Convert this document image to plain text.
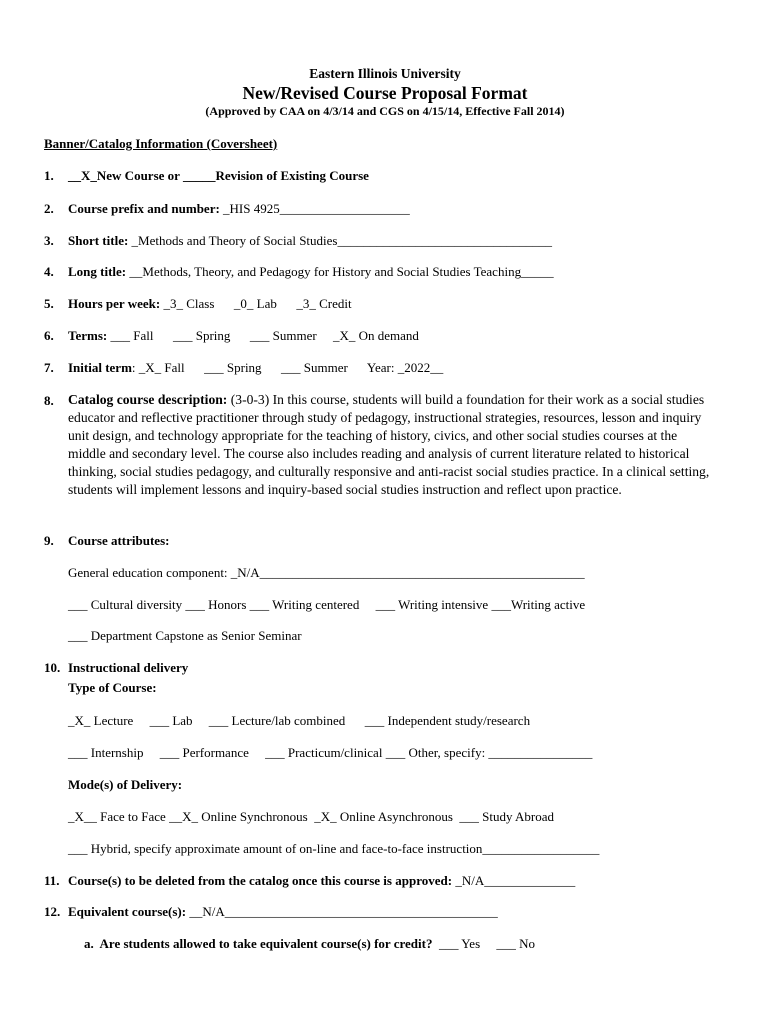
Eastern Illinois University
New/Revised Course Proposal Format
(Approved by CAA on 4/3/14 and CGS on 4/15/14, Effective Fall 2014)
Banner/Catalog Information (Coversheet)
1. __X_New Course or _____Revision of Existing Course
2. Course prefix and number: _HIS 4925____________________
3. Short title: _Methods and Theory of Social Studies_________________________________
4. Long title: __Methods, Theory, and Pedagogy for History and Social Studies Teaching_____
5. Hours per week: _3_ Class      _0_ Lab      _3_ Credit
6. Terms: ___ Fall      ___ Spring      ___ Summer     _X_ On demand
7. Initial term: _X_ Fall      ___ Spring      ___ Summer      Year: _2022__
8. Catalog course description: (3-0-3) In this course, students will build a foundation for their work as a social studies educator and reflective practitioner through study of pedagogy, instructional strategies, resources, lesson and inquiry unit design, and technology appropriate for the teaching of history, civics, and other social studies courses at the middle and secondary level. The course also includes reading and analysis of current literature related to historical thinking, social studies pedagogy, and culturally responsive and anti-racist social studies practice. In a clinical setting, students will implement lessons and inquiry-based social studies instruction and reflect upon practice.
9. Course attributes:
General education component: _N/A__________________________________________________
___ Cultural diversity ___ Honors ___ Writing centered     ___ Writing intensive ___Writing active
___ Department Capstone as Senior Seminar
10. Instructional delivery
Type of Course:
_X_ Lecture     ___ Lab     ___ Lecture/lab combined      ___ Independent study/research
___ Internship     ___ Performance     ___ Practicum/clinical ___ Other, specify: ________________
Mode(s) of Delivery:
_X__ Face to Face __X_ Online Synchronous  _X_ Online Asynchronous  ___ Study Abroad
___ Hybrid, specify approximate amount of on-line and face-to-face instruction__________________
11. Course(s) to be deleted from the catalog once this course is approved: _N/A______________
12. Equivalent course(s): __N/A__________________________________________
a.  Are students allowed to take equivalent course(s) for credit?  ___ Yes     ___ No
